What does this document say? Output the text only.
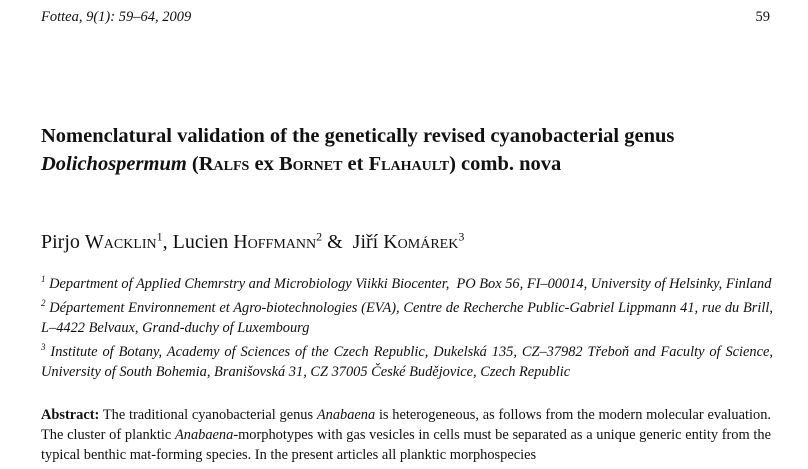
Fottea, 9(1): 59–64, 2009	59
Nomenclatural validation of the genetically revised cyanobacterial genus
Dolichospermum (Ralfs ex Bornet et Flahault) comb. nova
Pirjo Wacklin$^1$, Lucien Hoffmann$^2$ &  Jiří Komárek$^3$

$^1$ Department of Applied Chemrstry and Microbiology Viikki Biocenter,  PO Box 56, FI–00014, University of Helsinky, Finland

$^2$ Département Environnement et Agro-biotechnologies (EVA), Centre de Recherche Public-Gabriel Lippmann 41, rue du Brill, L–4422 Belvaux, Grand-duchy of Luxembourg

$^3$ Institute of Botany, Academy of Sciences of the Czech Republic, Dukelská 135, CZ–37982 Třeboň and Faculty of Science, University of South Bohemia, Branišovská 31, CZ 37005 České Budějovice, Czech Republic

Abstract: The traditional cyanobacterial genus Anabaena is heterogeneous, as follows from the modern molecular evaluation. The cluster of planktic Anabaena-morphotypes with gas vesicles in cells must be separated as a unique generic entity from the typical benthic mat-forming species. In the present articles all planktic morphospecies
